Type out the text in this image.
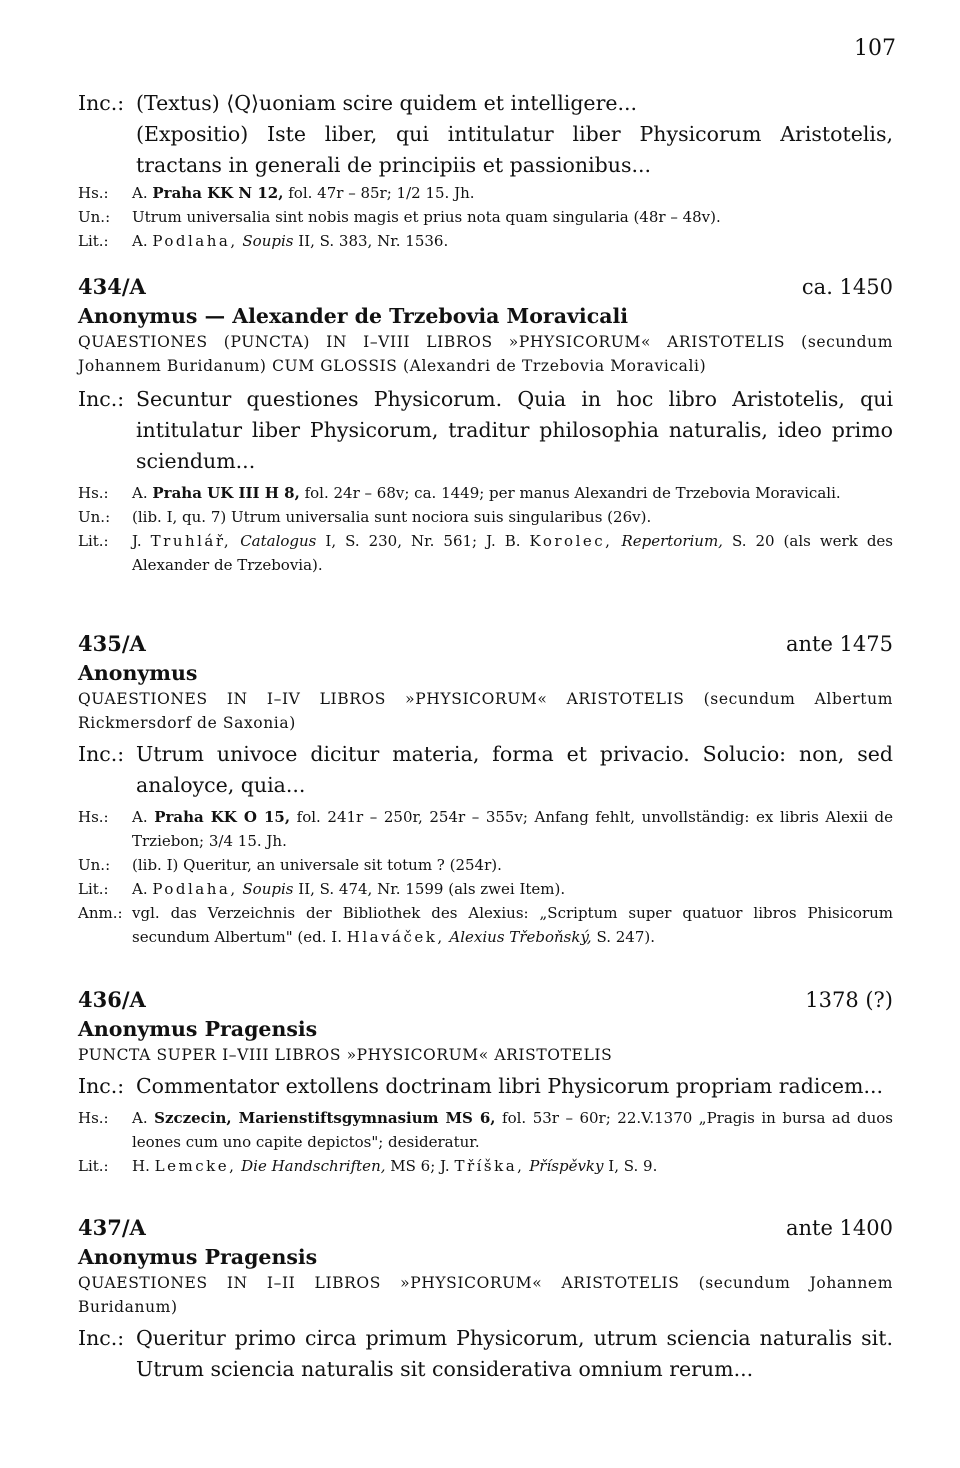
107
Inc.: (Textus) ⟨Q⟩uoniam scire quidem et intelligere...
(Expositio) Iste liber, qui intitulatur liber Physicorum Aristotelis, tractans in generali de principiis et passionibus...
Hs.:	A. Praha KK N 12, fol. 47r – 85r; 1/2 15. Jh.
Un.:	Utrum universalia sint nobis magis et prius nota quam singularia (48r – 48v).
Lit.:	A. Podlaha, Soupis II, S. 383, Nr. 1536.
434/A	ca. 1450
Anonymus — Alexander de Trzebovia Moravicali
QUAESTIONES (PUNCTA) IN I–VIII LIBROS »PHYSICORUM« ARISTOTELIS (secundum Johannem Buridanum) CUM GLOSSIS (Alexandri de Trzebovia Moravicali)
Inc.: Secuntur questiones Physicorum. Quia in hoc libro Aristotelis, qui intitulatur liber Physicorum, traditur philosophia naturalis, ideo primo sciendum...
Hs.:	A. Praha UK III H 8, fol. 24r – 68v; ca. 1449; per manus Alexandri de Trzebovia Moravicali.
Un.:	(lib. I, qu. 7) Utrum universalia sunt nociora suis singularibus (26v).
Lit.:	J. Truhlář, Catalogus I, S. 230, Nr. 561; J. B. Korolec, Repertorium, S. 20 (als werk des Alexander de Trzebovia).
435/A	ante 1475
Anonymus
QUAESTIONES IN I–IV LIBROS »PHYSICORUM« ARISTOTELIS (secundum Albertum Rickmersdorf de Saxonia)
Inc.: Utrum univoce dicitur materia, forma et privacio. Solucio: non, sed analoyce, quia...
Hs.:	A. Praha KK O 15, fol. 241r – 250r, 254r – 355v; Anfang fehlt, unvollständig: ex libris Alexii de Trziebon; 3/4 15. Jh.
Un.:	(lib. I) Queritur, an universale sit totum ? (254r).
Lit.:	A. Podlaha, Soupis II, S. 474, Nr. 1599 (als zwei Item).
Anm.: vgl. das Verzeichnis der Bibliothek des Alexius: „Scriptum super quatuor libros Phisicorum secundum Albertum" (ed. I. Hlaváček, Alexius Třeboňský, S. 247).
436/A	1378 (?)
Anonymus Pragensis
PUNCTA SUPER I–VIII LIBROS »PHYSICORUM« ARISTOTELIS
Inc.: Commentator extollens doctrinam libri Physicorum propriam radicem...
Hs.:	A. Szczecin, Marienstiftsgymnasium MS 6, fol. 53r – 60r; 22.V.1370 „Pragis in bursa ad duos leones cum uno capite depictos"; desideratur.
Lit.:	H. Lemcke, Die Handschriften, MS 6; J. Tříška, Příspěvky I, S. 9.
437/A	ante 1400
Anonymus Pragensis
QUAESTIONES IN I–II LIBROS »PHYSICORUM« ARISTOTELIS (secundum Johannem Buridanum)
Inc.: Queritur primo circa primum Physicorum, utrum sciencia naturalis sit. Utrum sciencia naturalis sit considerativa omnium rerum...
